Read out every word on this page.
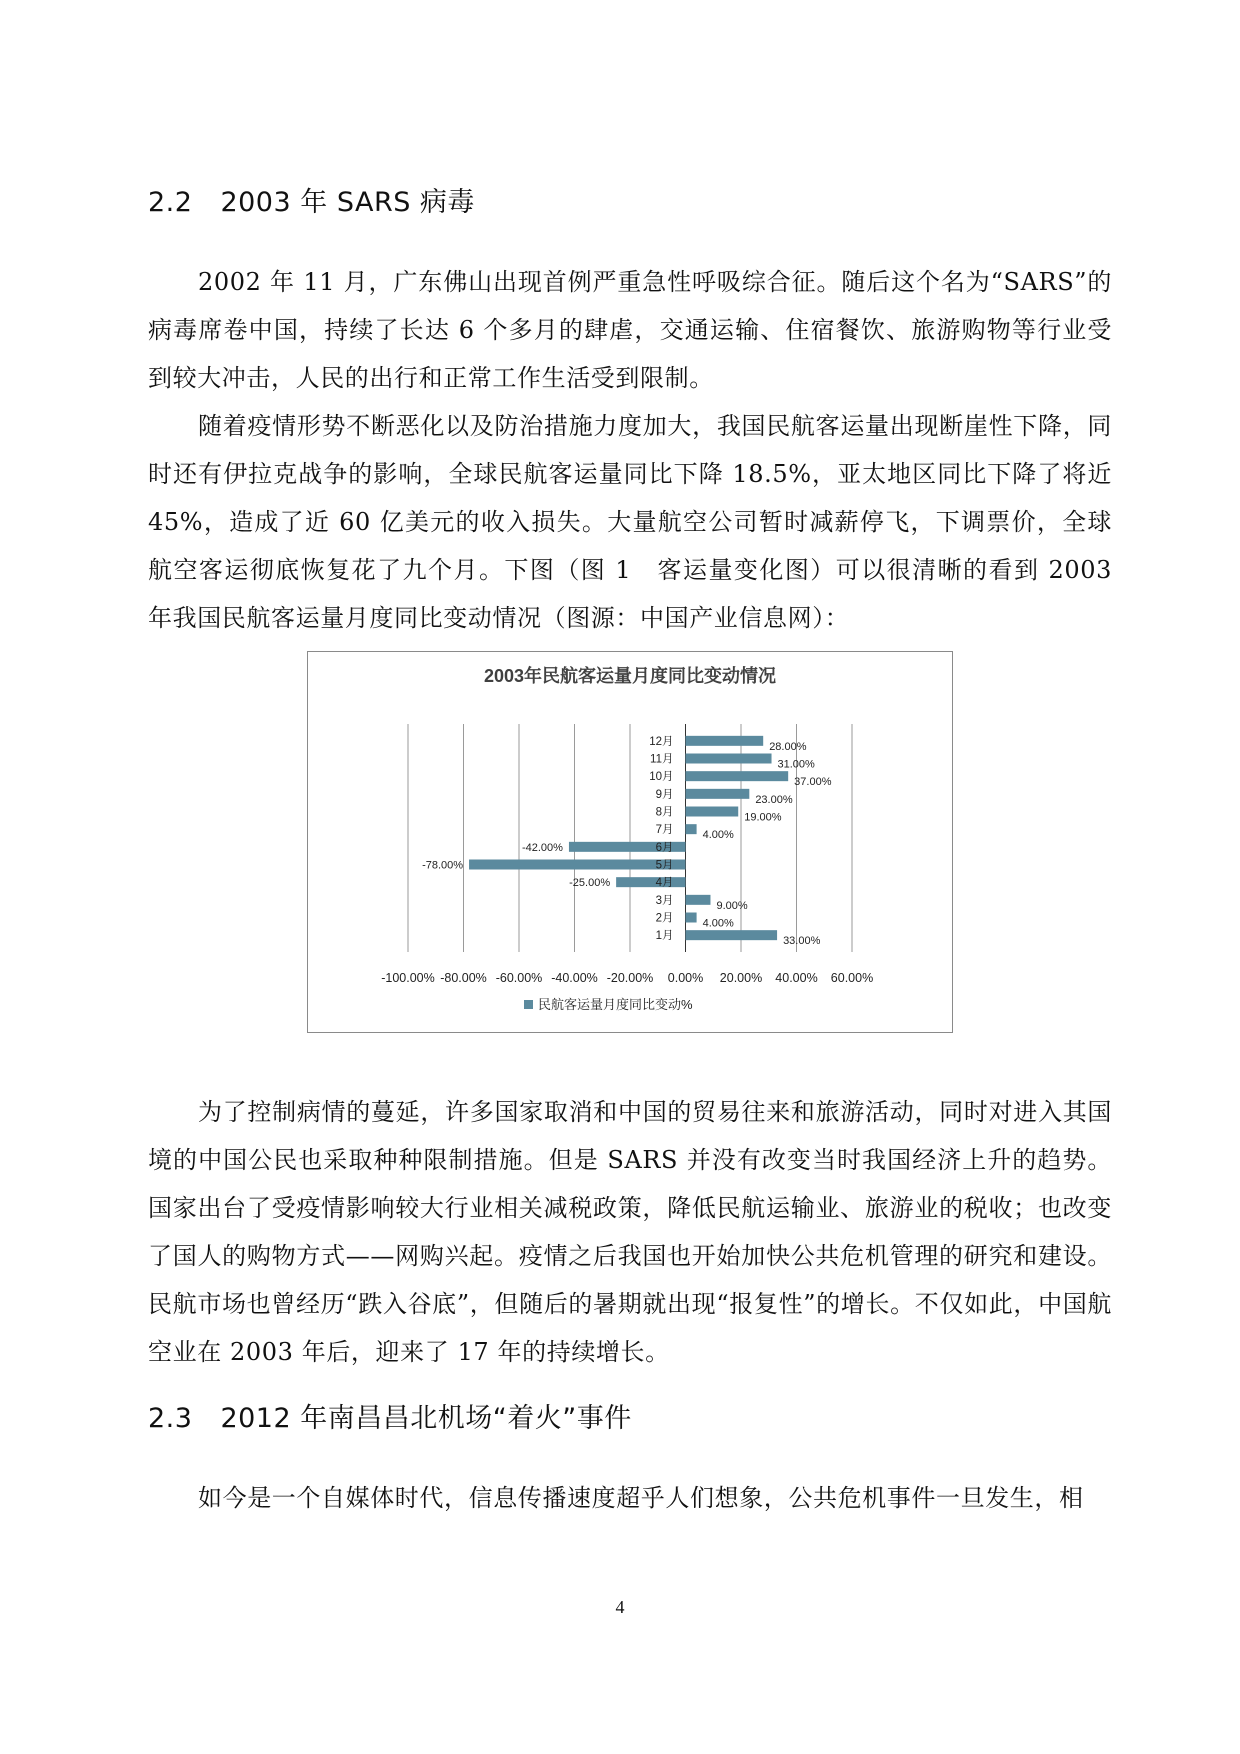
2.2 2003 年 SARS 病毒

2002 年 11 月，广东佛山出现首例严重急性呼吸综合征。随后这个名为“SARS”的病毒席卷中国，持续了长达 6 个多月的肆虐，交通运输、住宿餐饮、旅游购物等行业受到较大冲击，人民的出行和正常工作生活受到限制。

随着疫情形势不断恶化以及防治措施力度加大，我国民航客运量出现断崖性下降，同时还有伊拉克战争的影响，全球民航客运量同比下降 18.5%，亚太地区同比下降了将近 45%，造成了近 60 亿美元的收入损失。大量航空公司暂时减薪停飞，下调票价，全球航空客运彻底恢复花了九个月。下图（图 1　客运量变化图）可以很清晰的看到 2003 年我国民航客运量月度同比变动情况（图源：中国产业信息网）：

2003年民航客运量月度同比变动情况
-100.00% -80.00% -60.00% -40.00% -20.00% 0.00% 20.00% 40.00% 60.00%
1月	33.00%
2月	4.00%
3月	9.00%
4月
-25.00%
5月
-78.00%
6月
-42.00%
7月	4.00%
8月	19.00%
9月	23.00%
10月	37.00%
11月	31.00%
12月	28.00%
民航客运量月度同比变动%

为了控制病情的蔓延，许多国家取消和中国的贸易往来和旅游活动，同时对进入其国境的中国公民也采取种种限制措施。但是 SARS 并没有改变当时我国经济上升的趋势。国家出台了受疫情影响较大行业相关减税政策，降低民航运输业、旅游业的税收；也改变了国人的购物方式——网购兴起。疫情之后我国也开始加快公共危机管理的研究和建设。民航市场也曾经历“跌入谷底”，但随后的暑期就出现“报复性”的增长。不仅如此，中国航空业在 2003 年后，迎来了 17 年的持续增长。

2.3 2012 年南昌昌北机场“着火”事件

如今是一个自媒体时代，信息传播速度超乎人们想象，公共危机事件一旦发生，相

4
